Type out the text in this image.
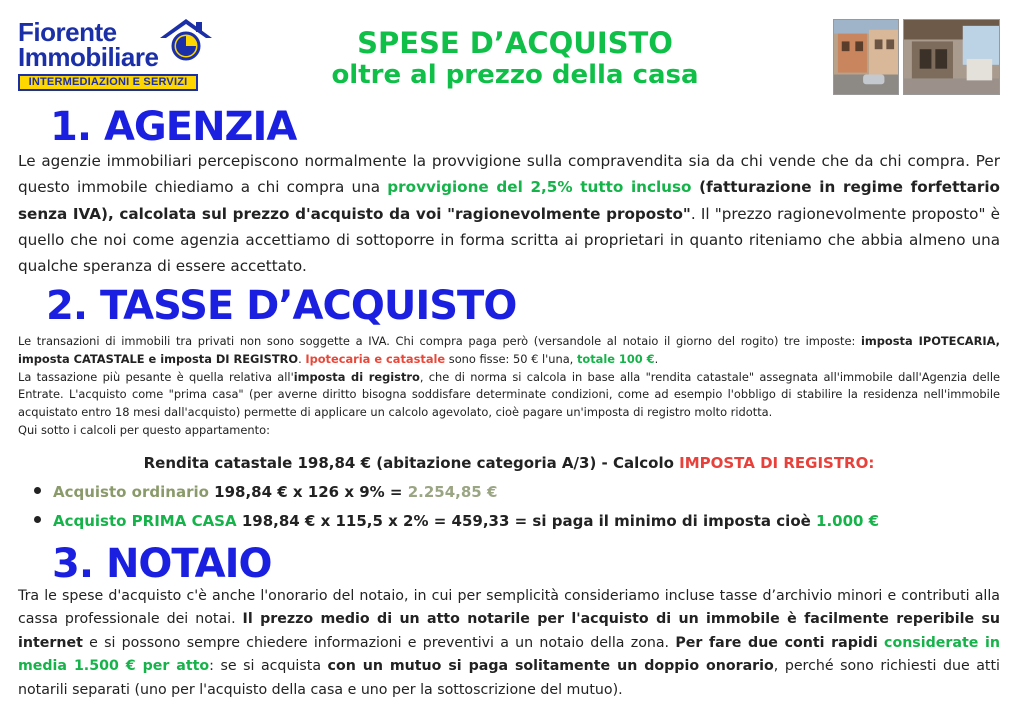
Fiorente
Immobiliare
INTERMEDIAZIONI E SERVIZI
SPESE D’ACQUISTO
oltre al prezzo della casa
1. AGENZIA
Le agenzie immobiliari percepiscono normalmente la provvigione sulla compravendita sia da chi vende che da chi compra. Per questo immobile chiediamo a chi compra una provvigione del 2,5% tutto incluso (fatturazione in regime forfettario senza IVA), calcolata sul prezzo d'acquisto da voi "ragionevolmente proposto". Il "prezzo ragionevolmente proposto" è quello che noi come agenzia accettiamo di sottoporre in forma scritta ai proprietari in quanto riteniamo che abbia almeno una qualche speranza di essere accettato.
2. TASSE D’ACQUISTO
Le transazioni di immobili tra privati non sono soggette a IVA. Chi compra paga però (versandole al notaio il giorno del rogito) tre imposte: imposta IPOTECARIA, imposta CATASTALE e imposta DI REGISTRO. Ipotecaria e catastale sono fisse: 50 € l'una, totale 100 €.
La tassazione più pesante è quella relativa all'imposta di registro, che di norma si calcola in base alla "rendita catastale" assegnata all'immobile dall'Agenzia delle Entrate. L'acquisto come "prima casa" (per averne diritto bisogna soddisfare determinate condizioni, come ad esempio l'obbligo di stabilire la residenza nell'immobile acquistato entro 18 mesi dall'acquisto) permette di applicare un calcolo agevolato, cioè pagare un'imposta di registro molto ridotta.
Qui sotto i calcoli per questo appartamento:
Rendita catastale 198,84 € (abitazione categoria A/3) - Calcolo IMPOSTA DI REGISTRO:
Acquisto ordinario 198,84 € x 126 x 9% = 2.254,85 €
Acquisto PRIMA CASA 198,84 € x 115,5 x 2% = 459,33 = si paga il minimo di imposta cioè 1.000 €
3. NOTAIO
Tra le spese d'acquisto c'è anche l'onorario del notaio, in cui per semplicità consideriamo incluse tasse d’archivio minori e contributi alla cassa professionale dei notai. Il prezzo medio di un atto notarile per l'acquisto di un immobile è facilmente reperibile su internet e si possono sempre chiedere informazioni e preventivi a un notaio della zona. Per fare due conti rapidi considerate in media 1.500 € per atto: se si acquista con un mutuo si paga solitamente un doppio onorario, perché sono richiesti due atti notarili separati (uno per l'acquisto della casa e uno per la sottoscrizione del mutuo).
